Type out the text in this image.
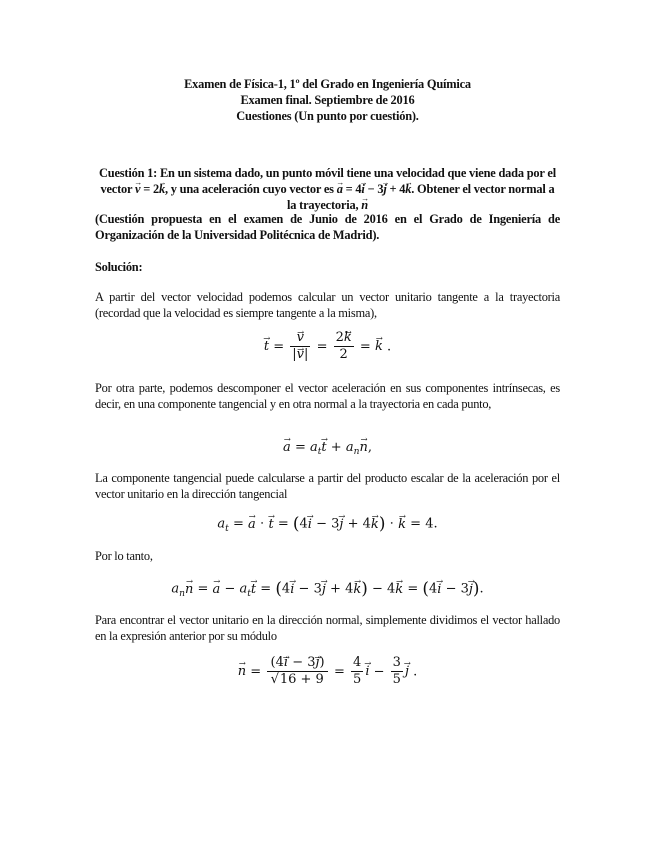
Examen de Física-1, 1º del Grado en Ingeniería Química
Examen final. Septiembre de 2016
Cuestiones (Un punto por cuestión).
Cuestión 1: En un sistema dado, un punto móvil tiene una velocidad que viene dada por el vector v → = 2k →, y una aceleración cuyo vector es a → = 4i → − 3j → + 4k →. Obtener el vector normal a la trayectoria, n →
(Cuestión propuesta en el examen de Junio de 2016 en el Grado de Ingeniería de Organización de la Universidad Politécnica de Madrid).
Solución:
A partir del vector velocidad podemos calcular un vector unitario tangente a la trayectoria (recordad que la velocidad es siempre tangente a la misma),
t → = $\frac{v \to}{|v \to|} = \frac{2k \to}{2} = k$ → .
Por otra parte, podemos descomponer el vector aceleración en sus componentes intrínsecas, es decir, en una componente tangencial y en otra normal a la trayectoria en cada punto,
a → = $a_tt$ → + $a_nn$ →,
La componente tangencial puede calcularse a partir del producto escalar de la aceleración por el vector unitario en la dirección tangencial
$a_t = a$ → ⋅ t → = (4i → − 3j → + 4k →) ⋅ k → = 4.
Por lo tanto,
$a_nn$ → = a → − $a_tt$ → = (4i → − 3j → + 4k →) − 4k → = (4i → − 3j →).
Para encontrar el vector unitario en la dirección normal, simplemente dividimos el vector hallado en la expresión anterior por su módulo
n → = (4i → − 3j →)
√ $16 + 9 = \frac{4}{5}$ i → − $\frac{3}{5}$ j → .
